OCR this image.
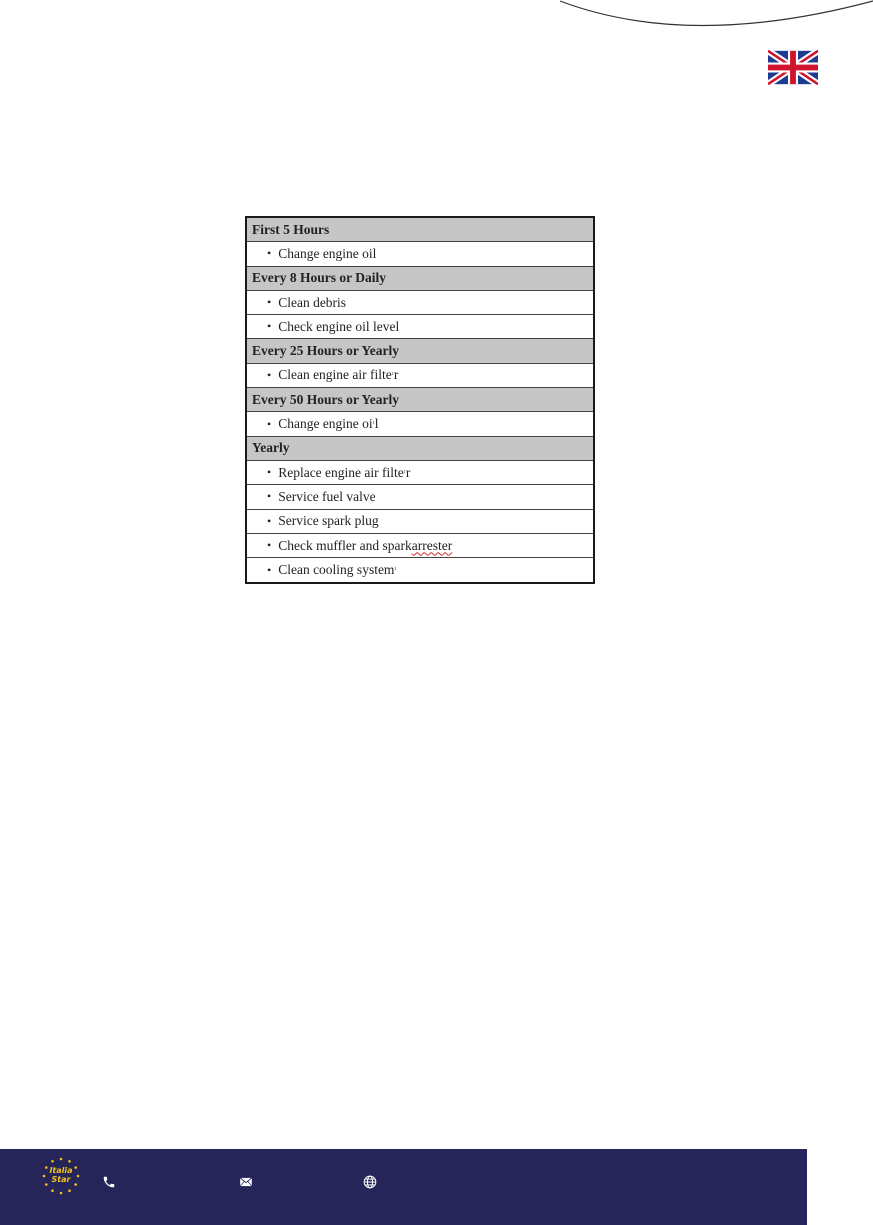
First 5 Hours
• Change engine oil
Every 8 Hours or Daily
• Clean debris
• Check engine oil level
Every 25 Hours or Yearly
• Clean engine air filte ¹ r
Every 50 Hours or Yearly
• Change engine oi ¹ l
Yearly
• Replace engine air filte ¹ r
• Service fuel valve
• Service spark plug
• Check muffler and spark arrester
• Clean cooling system ¹
Italia
Star
